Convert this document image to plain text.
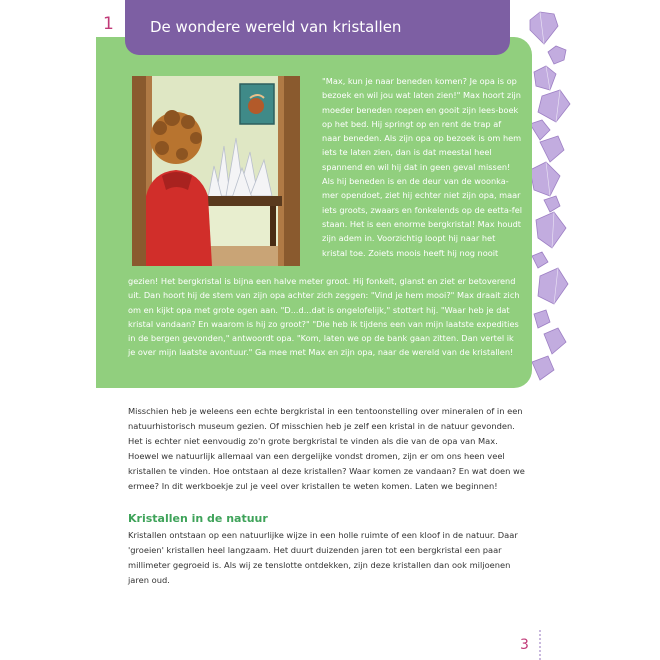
1 De wondere wereld van kristallen

"Max, kun je naar beneden komen? Je opa is op bezoek en wil jou wat laten zien!" Max hoort zijn moeder beneden roepen en gooit zijn lees-boek op het bed. Hij springt op en rent de trap af naar beneden. Als zijn opa op bezoek is om hem iets te laten zien, dan is dat meestal heel spannend en wil hij dat in geen geval missen! Als hij beneden is en de deur van de woonka-mer opendoet, ziet hij echter niet zijn opa, maar iets groots, zwaars en fonkelends op de eetta-fel staan. Het is een enorme bergkristal! Max houdt zijn adem in. Voorzichtig loopt hij naar het kristal toe. Zoiets moois heeft hij nog nooit

gezien! Het bergkristal is bijna een halve meter groot. Hij fonkelt, glanst en ziet er betoverend uit. Dan hoort hij de stem van zijn opa achter zich zeggen: "Vind je hem mooi?" Max draait zich om en kijkt opa met grote ogen aan. "D...d...dat is ongelofelijk," stottert hij. "Waar heb je dat kristal vandaan? En waarom is hij zo groot?" "Die heb ik tijdens een van mijn laatste expedities in de bergen gevonden," antwoordt opa. "Kom, laten we op de bank gaan zitten. Dan vertel ik je over mijn laatste avontuur." Ga mee met Max en zijn opa, naar de wereld van de kristallen!

Misschien heb je weleens een echte bergkristal in een tentoonstelling over mineralen of in een natuurhistorisch museum gezien. Of misschien heb je zelf een kristal in de natuur gevonden. Het is echter niet eenvoudig zo'n grote bergkristal te vinden als die van de opa van Max. Hoewel we natuurlijk allemaal van een dergelijke vondst dromen, zijn er om ons heen veel kristallen te vinden. Hoe ontstaan al deze kristallen? Waar komen ze vandaan? En wat doen we ermee? In dit werkboekje zul je veel over kristallen te weten komen. Laten we beginnen!

Kristallen in de natuur

Kristallen ontstaan op een natuurlijke wijze in een holle ruimte of een kloof in de natuur. Daar 'groeien' kristallen heel langzaam. Het duurt duizenden jaren tot een bergkristal een paar millimeter gegroeid is. Als wij ze tenslotte ontdekken, zijn deze kristallen dan ook miljoenen jaren oud.

3
